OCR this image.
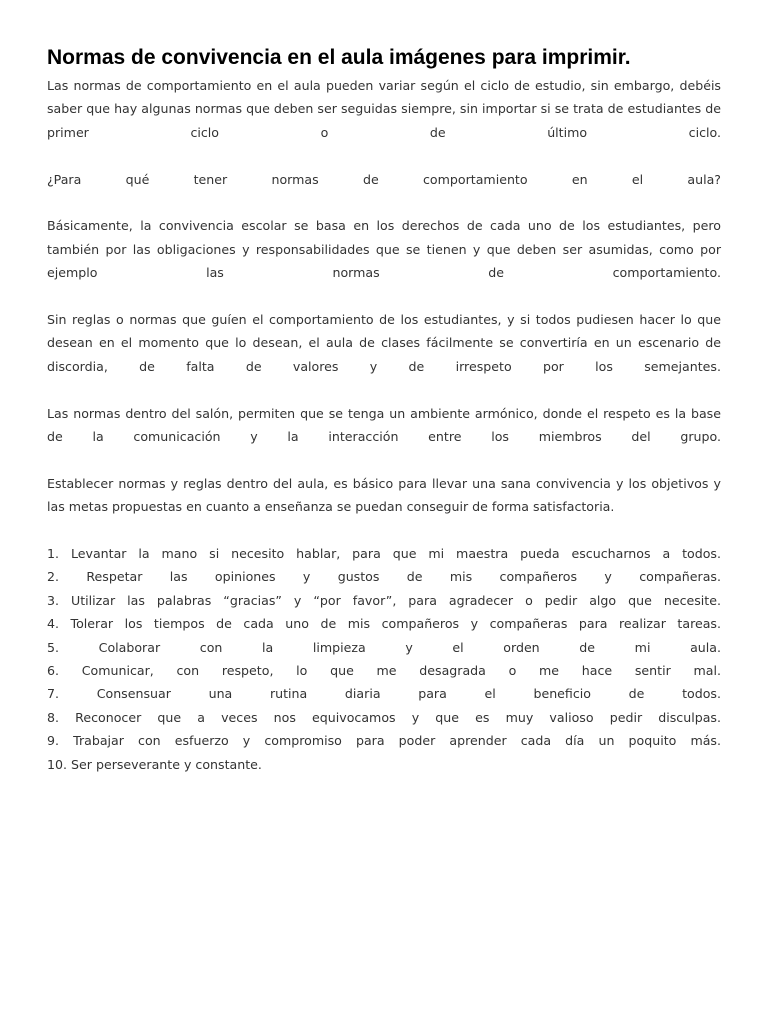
Normas de convivencia en el aula imágenes para imprimir.

Las normas de comportamiento en el aula pueden variar según el ciclo de estudio, sin embargo, debéis saber que hay algunas normas que deben ser seguidas siempre, sin importar si se trata de estudiantes de primer ciclo o de último ciclo.

¿Para qué tener normas de comportamiento en el aula?

Básicamente, la convivencia escolar se basa en los derechos de cada uno de los estudiantes, pero también por las obligaciones y responsabilidades que se tienen y que deben ser asumidas, como por ejemplo las normas de comportamiento.

Sin reglas o normas que guíen el comportamiento de los estudiantes, y si todos pudiesen hacer lo que desean en el momento que lo desean, el aula de clases fácilmente se convertiría en un escenario de discordia, de falta de valores y de irrespeto por los semejantes.

Las normas dentro del salón, permiten que se tenga un ambiente armónico, donde el respeto es la base de la comunicación y la interacción entre los miembros del grupo.

Establecer normas y reglas dentro del aula, es básico para llevar una sana convivencia y los objetivos y las metas propuestas en cuanto a enseñanza se puedan conseguir de forma satisfactoria.

1. Levantar la mano si necesito hablar, para que mi maestra pueda escucharnos a todos.
2. Respetar las opiniones y gustos de mis compañeros y compañeras.
3. Utilizar las palabras “gracias” y “por favor”, para agradecer o pedir algo que necesite.
4. Tolerar los tiempos de cada uno de mis compañeros y compañeras para realizar tareas.
5. Colaborar con la limpieza y el orden de mi aula.
6. Comunicar, con respeto, lo que me desagrada o me hace sentir mal.
7. Consensuar una rutina diaria para el beneficio de todos.
8. Reconocer que a veces nos equivocamos y que es muy valioso pedir disculpas.
9. Trabajar con esfuerzo y compromiso para poder aprender cada día un poquito más.
10. Ser perseverante y constante.
